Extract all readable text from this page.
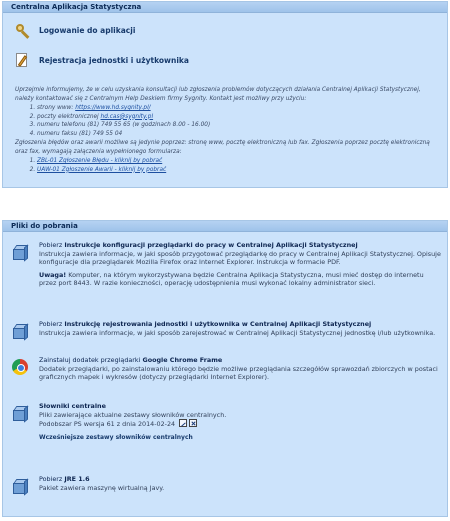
Centralna Aplikacja Statystyczna
Logowanie do aplikacji
Rejestracja jednostki i użytkownika

Uprzejmie informujemy, że w celu uzyskania konsultacji lub zgłoszenia problemów dotyczących działania Centralnej Aplikacji Statystycznej, należy kontaktować się z Centralnym Help Deskiem firmy Sygnity. Kontakt jest możliwy przy użyciu:

1. strony www: https://www.hd.sygnity.pl/
2. poczty elektronicznej hd.cas@sygnity.pl
3. numeru telefonu (81) 749 55 65 (w godzinach 8.00 - 16.00)
4. numeru faksu (81) 749 55 04

Zgłoszenia błędów oraz awarii możliwe są jedynie poprzez: stronę www, pocztę elektroniczną lub fax. Zgłoszenia poprzez pocztę elektroniczną oraz fax, wymagają załączenia wypełnionego formularza:

1. ZBL-01 Zgłoszenie Błędu - kliknij by pobrać
2. UAW-01 Zgłoszenie Awarii - kliknij by pobrać
Pliki do pobrania
Pobierz Instrukcje konfiguracji przeglądarki do pracy w Centralnej Aplikacji Statystycznej
Instrukcja zawiera informacje, w jaki sposób przygotować przeglądarkę do pracy w Centralnej Aplikacji Statystycznej. Opisuje konfiguracje dla przeglądarek Mozilla Firefox oraz Internet Explorer. Instrukcja w formacie PDF.
Uwaga! Komputer, na którym wykorzystywana będzie Centralna Aplikacja Statystyczna, musi mieć dostęp do internetu przez port 8443. W razie konieczności, operację udostępnienia musi wykonać lokalny administrator sieci.
Pobierz Instrukcję rejestrowania jednostki i użytkownika w Centralnej Aplikacji Statystycznej
Instrukcja zawiera informacje, w jaki sposób zarejestrować w Centralnej Aplikacji Statystycznej jednostkę i/lub użytkownika.
Zainstaluj dodatek przeglądarki Google Chrome Frame
Dodatek przeglądarki, po zainstalowaniu którego będzie możliwe przeglądania szczegółów sprawozdań zbiorczych w postaci graficznych mapek i wykresów (dotyczy przeglądarki Internet Explorer).
Słowniki centralne
Pliki zawierające aktualne zestawy słowników centralnych.
Podobszar PS wersja 61 z dnia 2014-02-24
Wcześniejsze zestawy słowników centralnych
Pobierz JRE 1.6
Pakiet zawiera maszynę wirtualną Javy.
